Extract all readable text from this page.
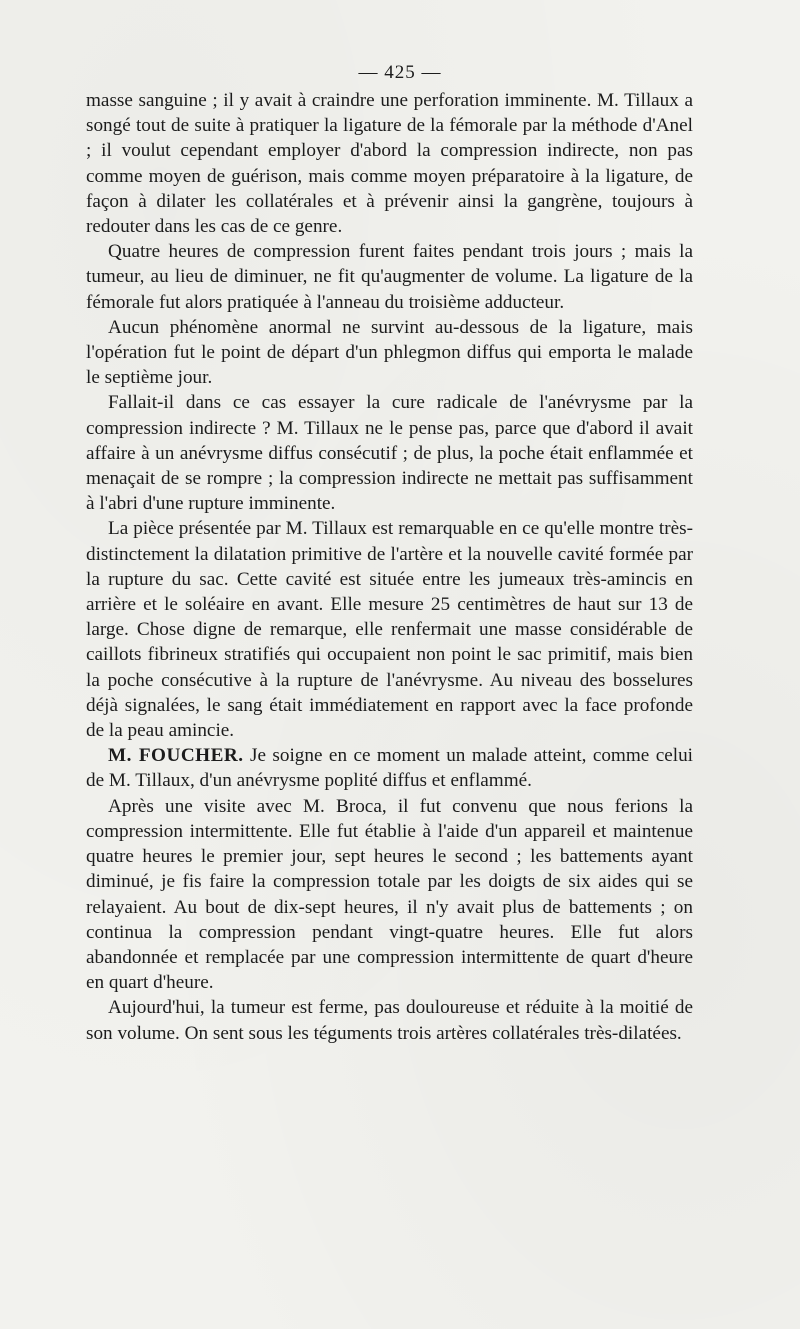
— 425 —

masse sanguine ; il y avait à craindre une perforation imminente. M. Tillaux a songé tout de suite à pratiquer la ligature de la fémorale par la méthode d'Anel ; il voulut cependant employer d'abord la compression indirecte, non pas comme moyen de guérison, mais comme moyen préparatoire à la ligature, de façon à dilater les collatérales et à prévenir ainsi la gangrène, toujours à redouter dans les cas de ce genre.

Quatre heures de compression furent faites pendant trois jours ; mais la tumeur, au lieu de diminuer, ne fit qu'augmenter de volume. La ligature de la fémorale fut alors pratiquée à l'anneau du troisième adducteur.

Aucun phénomène anormal ne survint au-dessous de la ligature, mais l'opération fut le point de départ d'un phlegmon diffus qui emporta le malade le septième jour.

Fallait-il dans ce cas essayer la cure radicale de l'anévrysme par la compression indirecte ? M. Tillaux ne le pense pas, parce que d'abord il avait affaire à un anévrysme diffus consécutif ; de plus, la poche était enflammée et menaçait de se rompre ; la compression indirecte ne mettait pas suffisamment à l'abri d'une rupture imminente.

La pièce présentée par M. Tillaux est remarquable en ce qu'elle montre très-distinctement la dilatation primitive de l'artère et la nouvelle cavité formée par la rupture du sac. Cette cavité est située entre les jumeaux très-amincis en arrière et le soléaire en avant. Elle mesure 25 centimètres de haut sur 13 de large. Chose digne de remarque, elle renfermait une masse considérable de caillots fibrineux stratifiés qui occupaient non point le sac primitif, mais bien la poche consécutive à la rupture de l'anévrysme. Au niveau des bosselures déjà signalées, le sang était immédiatement en rapport avec la face profonde de la peau amincie.

M. FOUCHER. Je soigne en ce moment un malade atteint, comme celui de M. Tillaux, d'un anévrysme poplité diffus et enflammé.

Après une visite avec M. Broca, il fut convenu que nous ferions la compression intermittente. Elle fut établie à l'aide d'un appareil et maintenue quatre heures le premier jour, sept heures le second ; les battements ayant diminué, je fis faire la compression totale par les doigts de six aides qui se relayaient. Au bout de dix-sept heures, il n'y avait plus de battements ; on continua la compression pendant vingt-quatre heures. Elle fut alors abandonnée et remplacée par une compression intermittente de quart d'heure en quart d'heure.

Aujourd'hui, la tumeur est ferme, pas douloureuse et réduite à la moitié de son volume. On sent sous les téguments trois artères collatérales très-dilatées.
